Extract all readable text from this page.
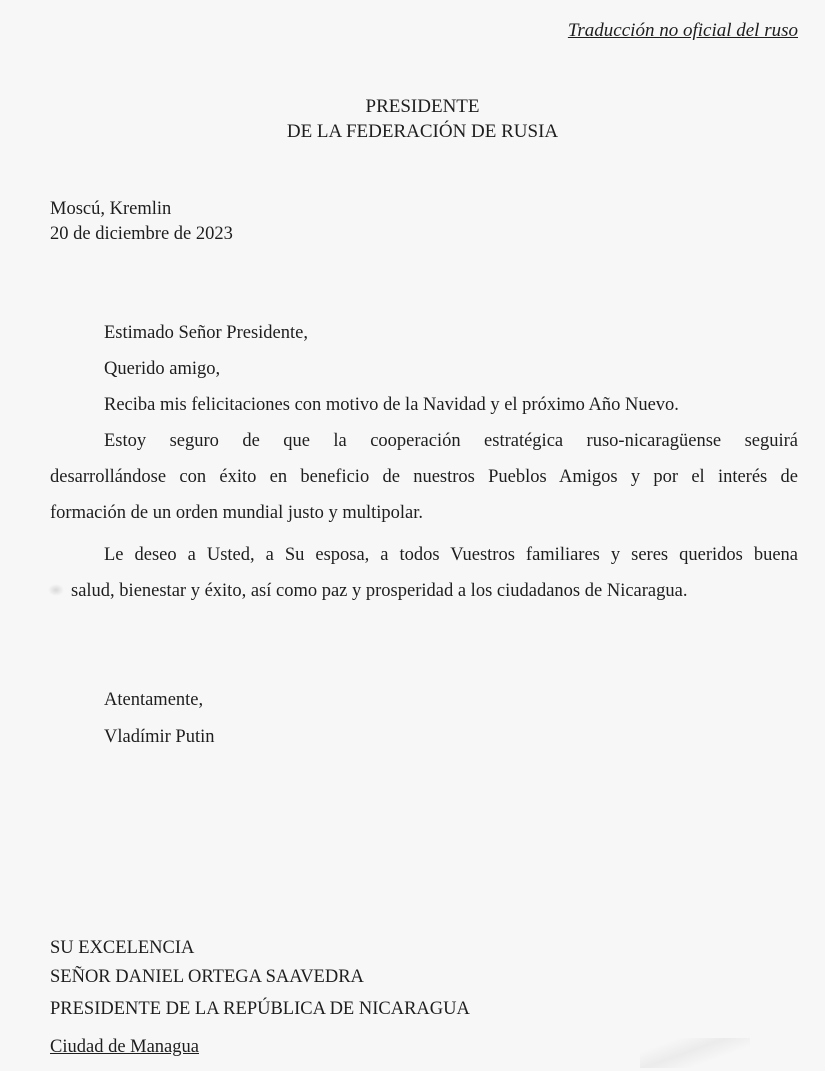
Traducción no oficial del ruso
PRESIDENTE
DE LA FEDERACIÓN DE RUSIA
Moscú, Kremlin
20 de diciembre de 2023
Estimado Señor Presidente,
Querido amigo,
Reciba mis felicitaciones con motivo de la Navidad y el próximo Año Nuevo.
Estoy seguro de que la cooperación estratégica ruso-nicaragüense seguirá
desarrollándose con éxito en beneficio de nuestros Pueblos Amigos y por el interés de
formación de un orden mundial justo y multipolar.
Le deseo a Usted, a Su esposa, a todos Vuestros familiares y seres queridos buena
salud, bienestar y éxito, así como paz y prosperidad a los ciudadanos de Nicaragua.
Atentamente,
Vladímir Putin
SU EXCELENCIA
SEÑOR DANIEL ORTEGA SAAVEDRA
PRESIDENTE DE LA REPÚBLICA DE NICARAGUA
Ciudad de Managua
